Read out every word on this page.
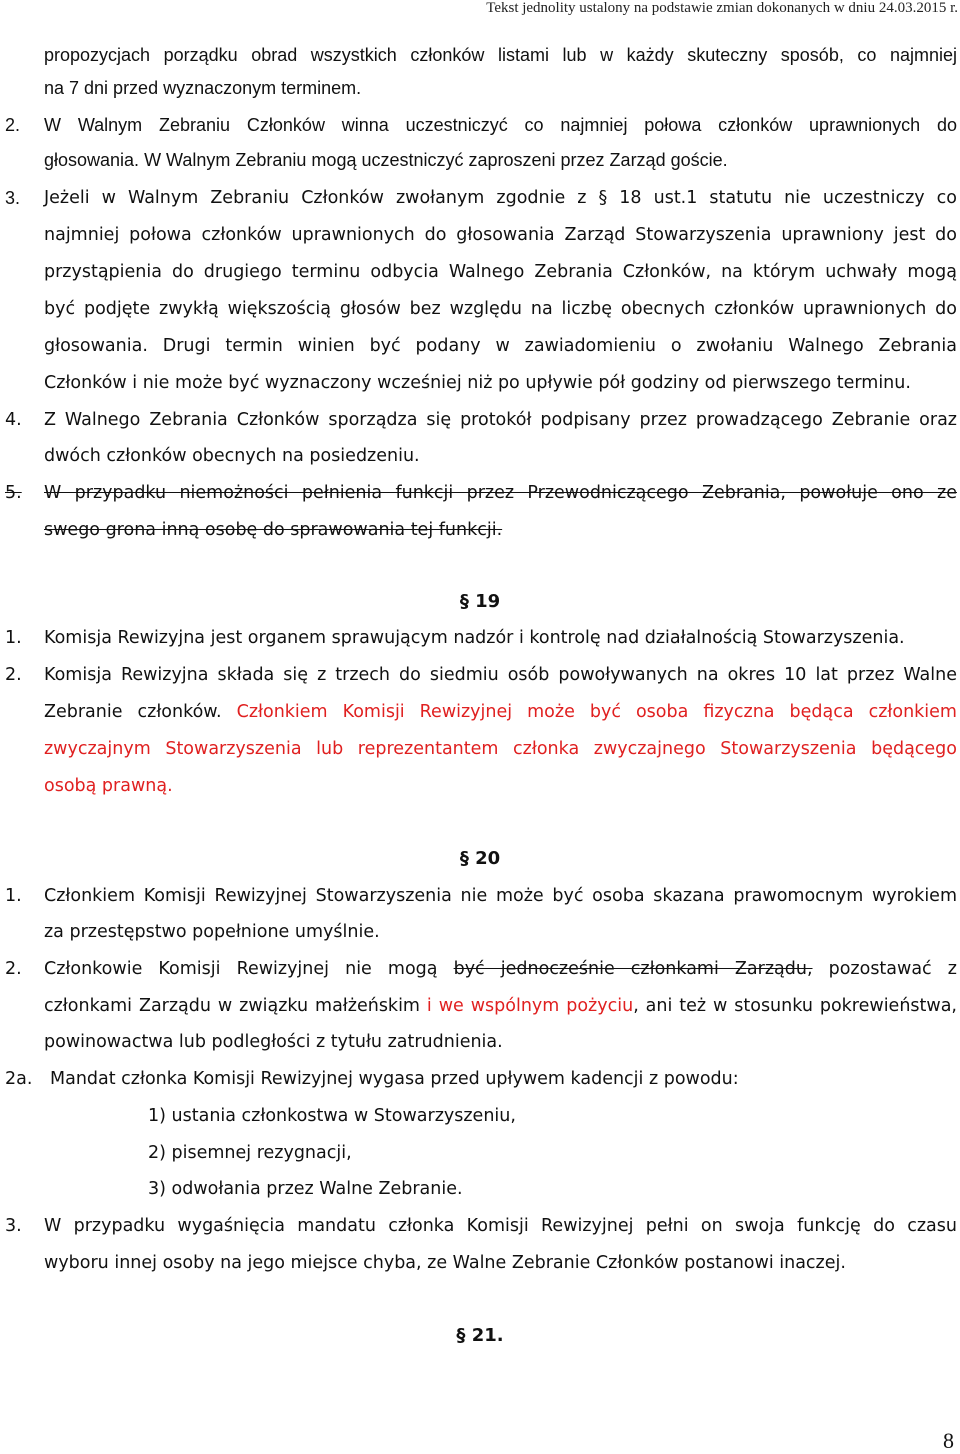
Tekst jednolity ustalony na podstawie zmian dokonanych w dniu 24.03.2015 r.
propozycjach porządku obrad wszystkich członków listami lub w każdy skuteczny sposób, co najmniej
na 7 dni przed wyznaczonym terminem.
2. W Walnym Zebraniu Członków winna uczestniczyć co najmniej połowa członków uprawnionych do
głosowania. W Walnym Zebraniu mogą uczestniczyć zaproszeni przez Zarząd goście.
3. Jeżeli w Walnym Zebraniu Członków zwołanym zgodnie z § 18 ust.1 statutu nie uczestniczy co
najmniej połowa członków uprawnionych do głosowania Zarząd Stowarzyszenia uprawniony jest do
przystąpienia do drugiego terminu odbycia Walnego Zebrania Członków, na którym uchwały mogą
być podjęte zwykłą większością głosów bez względu na liczbę obecnych członków uprawnionych do
głosowania. Drugi termin winien być podany w zawiadomieniu o zwołaniu Walnego Zebrania
Członków i nie może być wyznaczony wcześniej niż po upływie pół godziny od pierwszego terminu.
4. Z Walnego Zebrania Członków sporządza się protokół podpisany przez prowadzącego Zebranie oraz
dwóch członków obecnych na posiedzeniu.
5. W przypadku niemożności pełnienia funkcji przez Przewodniczącego Zebrania, powołuje ono ze
swego grona inną osobę do sprawowania tej funkcji.
§ 19
1. Komisja Rewizyjna jest organem sprawującym nadzór i kontrolę nad działalnością Stowarzyszenia.
2. Komisja Rewizyjna składa się z trzech do siedmiu osób powoływanych na okres 10 lat przez Walne
Zebranie członków. Członkiem Komisji Rewizyjnej może być osoba fizyczna będąca członkiem
zwyczajnym Stowarzyszenia lub reprezentantem członka zwyczajnego Stowarzyszenia będącego
osobą prawną.
§ 20
1. Członkiem Komisji Rewizyjnej Stowarzyszenia nie może być osoba skazana prawomocnym wyrokiem
za przestępstwo popełnione umyślnie.
2. Członkowie Komisji Rewizyjnej nie mogą być jednocześnie członkami Zarządu, pozostawać z
członkami Zarządu w związku małżeńskim i we wspólnym pożyciu, ani też w stosunku pokrewieństwa,
powinowactwa lub podległości z tytułu zatrudnienia.
2a. Mandat członka Komisji Rewizyjnej wygasa przed upływem kadencji z powodu:
1) ustania członkostwa w Stowarzyszeniu,
2) pisemnej rezygnacji,
3) odwołania przez Walne Zebranie.
3. W przypadku wygaśnięcia mandatu członka Komisji Rewizyjnej pełni on swoja funkcję do czasu
wyboru innej osoby na jego miejsce chyba, ze Walne Zebranie Członków postanowi inaczej.
§ 21.
8
